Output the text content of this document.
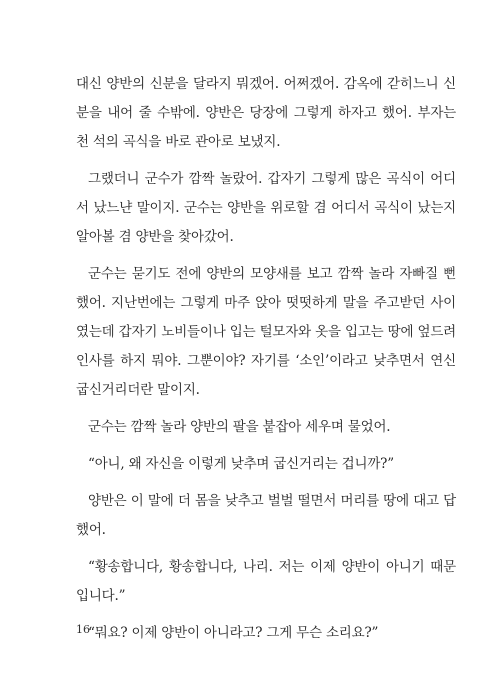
대신 양반의 신분을 달라지 뭐겠어. 어쩌겠어. 감옥에 갇히느니 신분을 내어 줄 수밖에. 양반은 당장에 그렇게 하자고 했어. 부자는 천 석의 곡식을 바로 관아로 보냈지.

그랬더니 군수가 깜짝 놀랐어. 갑자기 그렇게 많은 곡식이 어디서 났느냔 말이지. 군수는 양반을 위로할 겸 어디서 곡식이 났는지 알아볼 겸 양반을 찾아갔어.

군수는 묻기도 전에 양반의 모양새를 보고 깜짝 놀라 자빠질 뻔했어. 지난번에는 그렇게 마주 앉아 떳떳하게 말을 주고받던 사이였는데 갑자기 노비들이나 입는 털모자와 옷을 입고는 땅에 엎드려 인사를 하지 뭐야. 그뿐이야? 자기를 ‘소인’이라고 낮추면서 연신 굽신거리더란 말이지.

군수는 깜짝 놀라 양반의 팔을 붙잡아 세우며 물었어.

“아니, 왜 자신을 이렇게 낮추며 굽신거리는 겁니까?”

양반은 이 말에 더 몸을 낮추고 벌벌 떨면서 머리를 땅에 대고 답했어.

“황송합니다, 황송합니다, 나리. 저는 이제 양반이 아니기 때문입니다.”

“뭐요? 이제 양반이 아니라고? 그게 무슨 소리요?”

16
